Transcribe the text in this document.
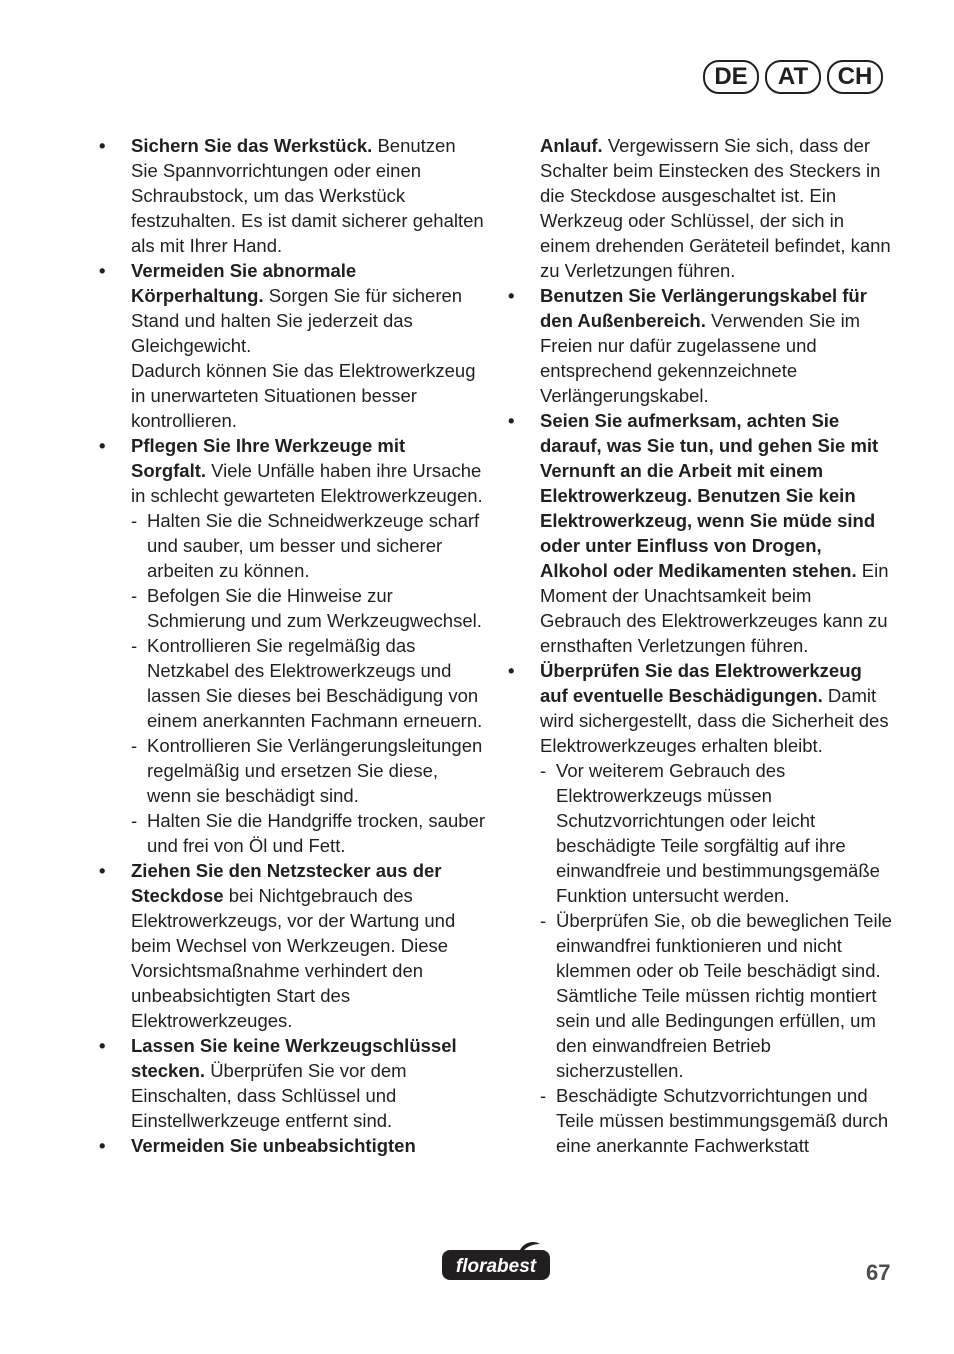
DE	AT	CH
• Sichern Sie das Werkstück. Benutzen Sie Spannvorrichtungen oder einen Schraubstock, um das Werkstück festzuhalten. Es ist damit sicherer gehalten als mit Ihrer Hand.
• Vermeiden Sie abnormale Körperhaltung. Sorgen Sie für sicheren Stand und halten Sie jederzeit das Gleichgewicht.
Dadurch können Sie das Elektrowerkzeug in unerwarteten Situationen besser kontrollieren.
• Pflegen Sie Ihre Werkzeuge mit Sorgfalt. Viele Unfälle haben ihre Ursache in schlecht gewarteten Elektrowerkzeugen.
- Halten Sie die Schneidwerkzeuge scharf und sauber, um besser und sicherer arbeiten zu können.
- Befolgen Sie die Hinweise zur Schmierung und zum Werkzeugwechsel.
- Kontrollieren Sie regelmäßig das Netzkabel des Elektrowerkzeugs und lassen Sie dieses bei Beschädigung von einem anerkannten Fachmann erneuern.
- Kontrollieren Sie Verlängerungsleitungen regelmäßig und ersetzen Sie diese, wenn sie beschädigt sind.
- Halten Sie die Handgriffe trocken, sauber und frei von Öl und Fett.
• Ziehen Sie den Netzstecker aus der Steckdose bei Nichtgebrauch des Elektrowerkzeugs, vor der Wartung und beim Wechsel von Werkzeugen. Diese Vorsichtsmaßnahme verhindert den unbeabsichtigten Start des Elektrowerkzeuges.
• Lassen Sie keine Werkzeugschlüssel stecken. Überprüfen Sie vor dem Einschalten, dass Schlüssel und Einstellwerkzeuge entfernt sind.
• Vermeiden Sie unbeabsichtigten
Anlauf. Vergewissern Sie sich, dass der Schalter beim Einstecken des Steckers in die Steckdose ausgeschaltet ist. Ein Werkzeug oder Schlüssel, der sich in einem drehenden Geräteteil befindet, kann zu Verletzungen führen.
• Benutzen Sie Verlängerungskabel für den Außenbereich. Verwenden Sie im Freien nur dafür zugelassene und entsprechend gekennzeichnete Verlängerungskabel.
• Seien Sie aufmerksam, achten Sie darauf, was Sie tun, und gehen Sie mit Vernunft an die Arbeit mit einem Elektrowerkzeug. Benutzen Sie kein Elektrowerkzeug, wenn Sie müde sind oder unter Einfluss von Drogen, Alkohol oder Medikamenten stehen. Ein Moment der Unachtsamkeit beim Gebrauch des Elektrowerkzeuges kann zu ernsthaften Verletzungen führen.
• Überprüfen Sie das Elektrowerkzeug auf eventuelle Beschädigungen. Damit wird sichergestellt, dass die Sicherheit des Elektrowerkzeuges erhalten bleibt.
- Vor weiterem Gebrauch des Elektrowerkzeugs müssen Schutzvorrichtungen oder leicht beschädigte Teile sorgfältig auf ihre einwandfreie und bestimmungsgemäße Funktion untersucht werden.
- Überprüfen Sie, ob die beweglichen Teile einwandfrei funktionieren und nicht klemmen oder ob Teile beschädigt sind. Sämtliche Teile müssen richtig montiert sein und alle Bedingungen erfüllen, um den einwandfreien Betrieb sicherzustellen.
- Beschädigte Schutzvorrichtungen und Teile müssen bestimmungsgemäß durch eine anerkannte Fachwerkstatt
florabest	67
